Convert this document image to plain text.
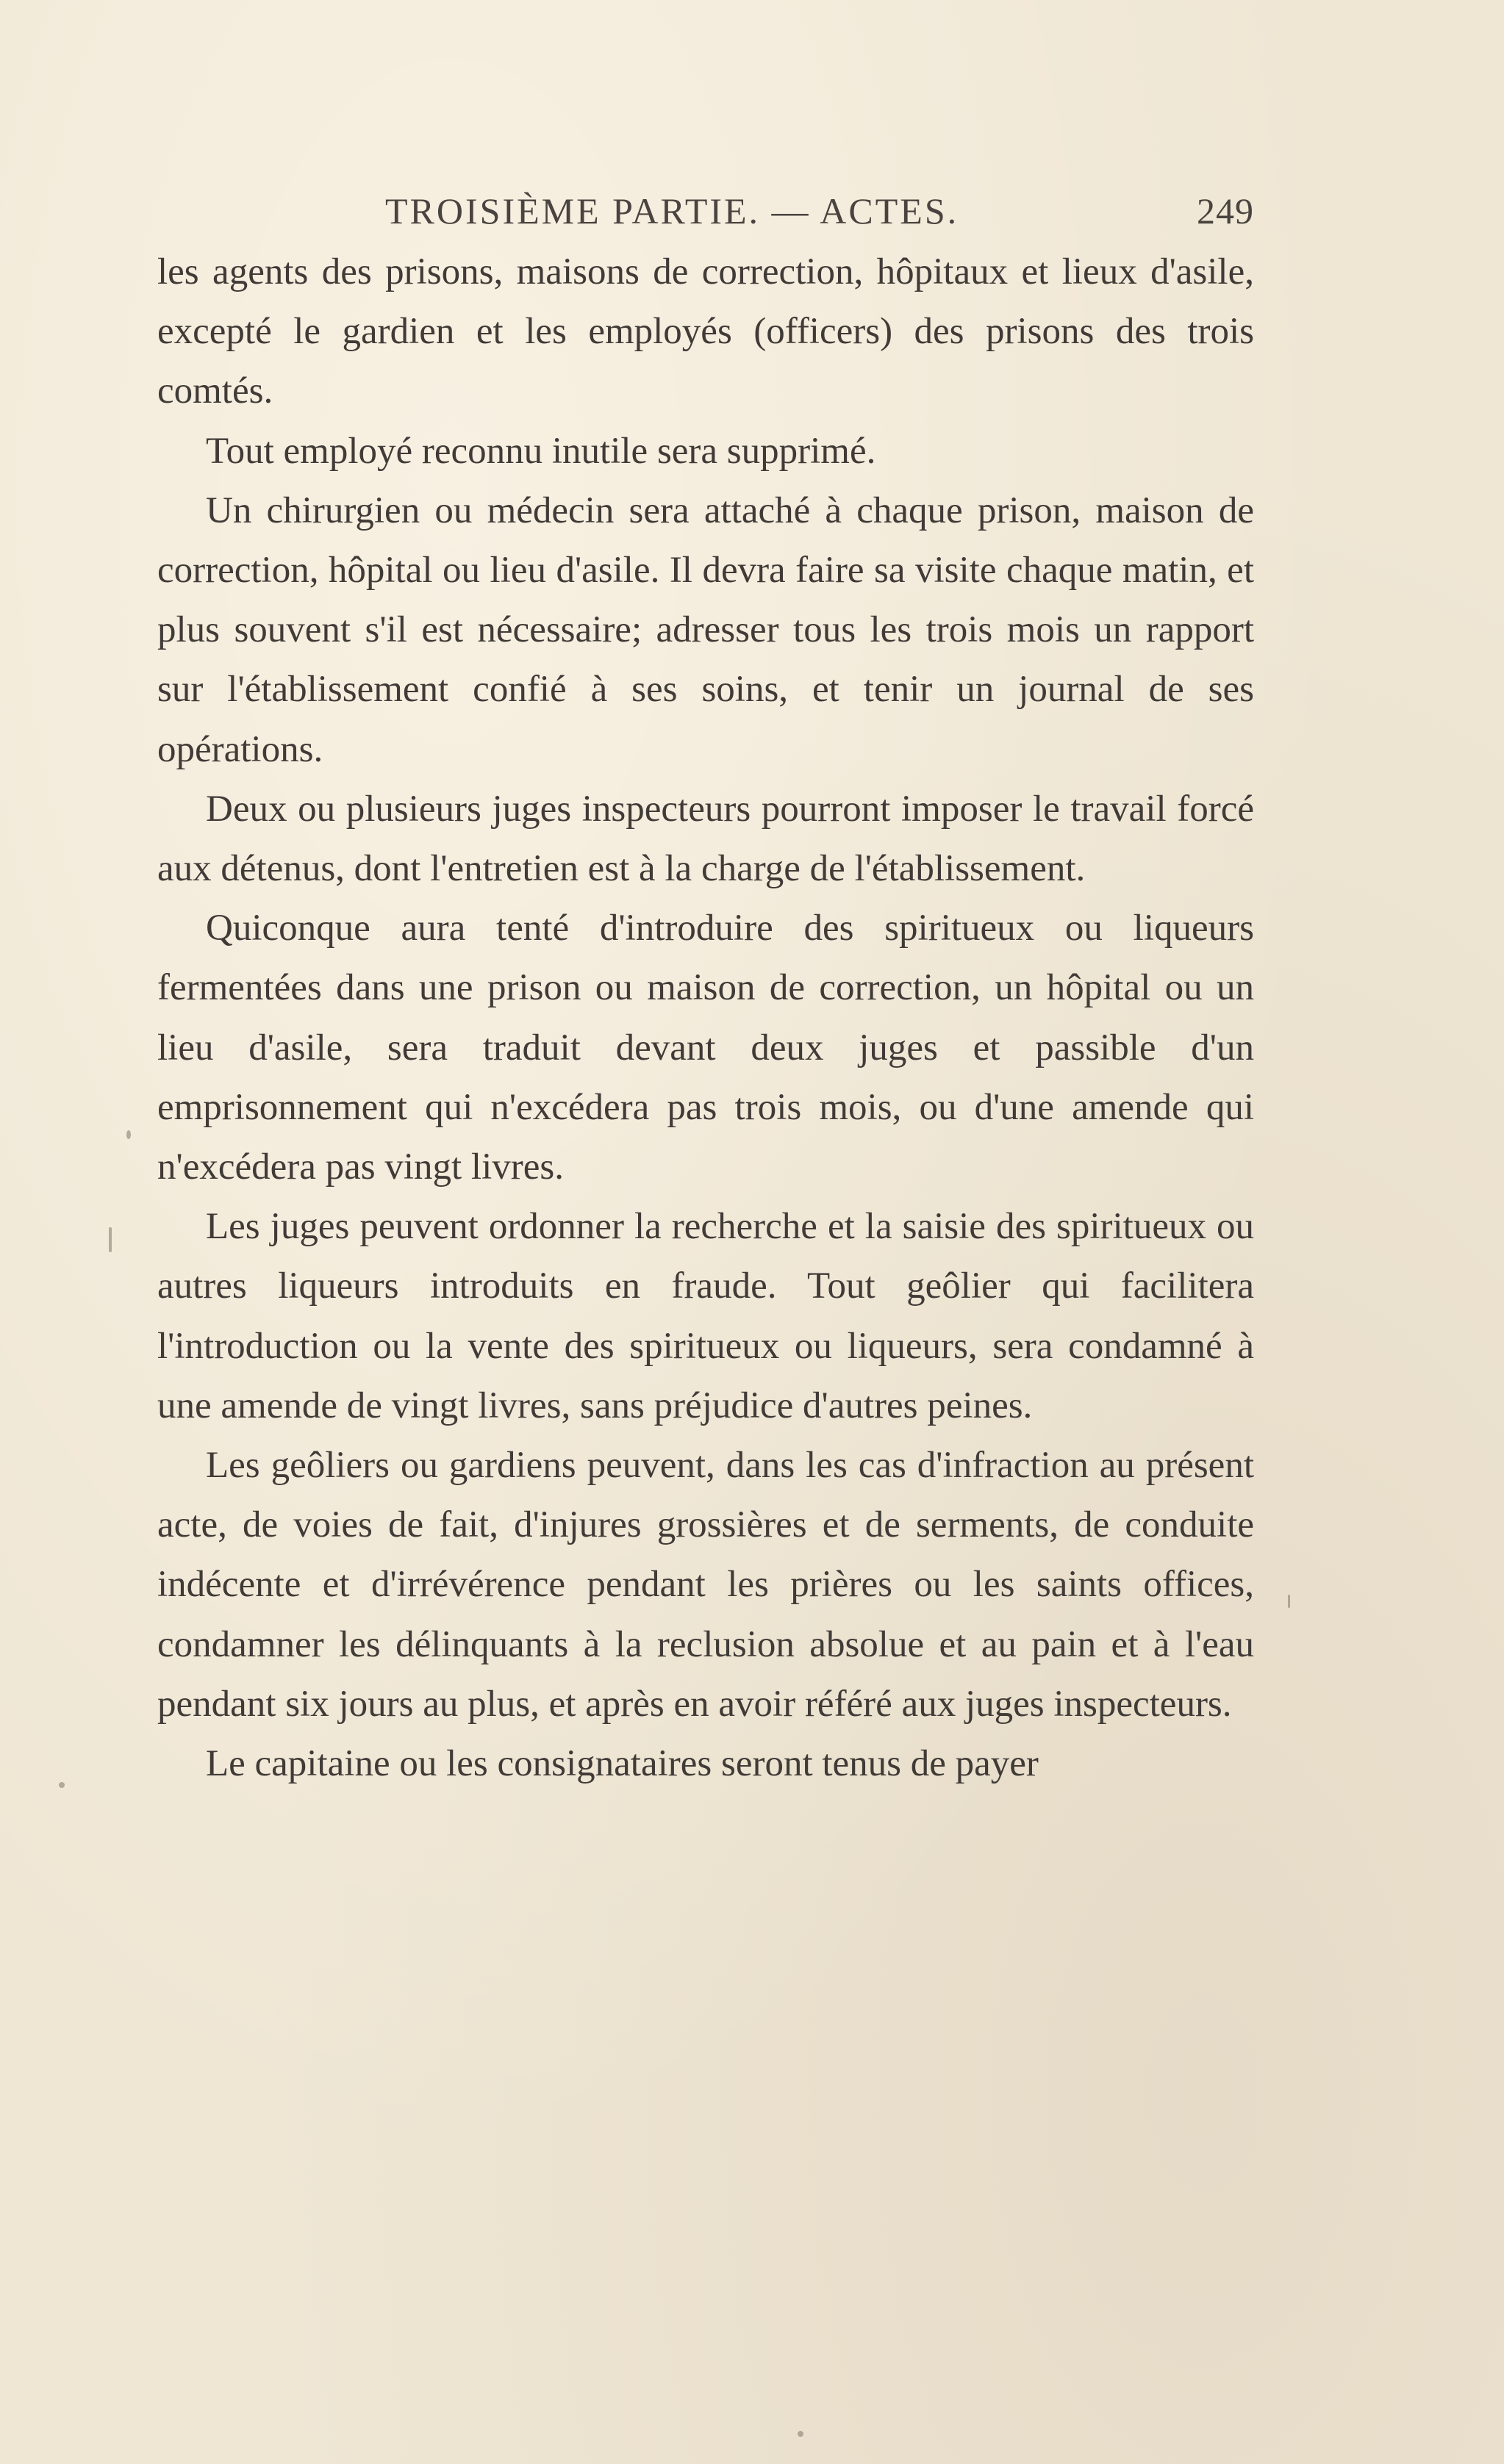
TROISIÈME PARTIE. — ACTES.	249

les agents des prisons, maisons de correction, hôpitaux et lieux d'asile, excepté le gardien et les employés (officers) des prisons des trois comtés.

Tout employé reconnu inutile sera supprimé.

Un chirurgien ou médecin sera attaché à chaque prison, maison de correction, hôpital ou lieu d'asile. Il devra faire sa visite chaque matin, et plus souvent s'il est nécessaire; adresser tous les trois mois un rapport sur l'établissement confié à ses soins, et tenir un journal de ses opérations.

Deux ou plusieurs juges inspecteurs pourront imposer le travail forcé aux détenus, dont l'entretien est à la charge de l'établissement.

Quiconque aura tenté d'introduire des spiritueux ou liqueurs fermentées dans une prison ou maison de correction, un hôpital ou un lieu d'asile, sera traduit devant deux juges et passible d'un emprisonnement qui n'excédera pas trois mois, ou d'une amende qui n'excédera pas vingt livres.

Les juges peuvent ordonner la recherche et la saisie des spiritueux ou autres liqueurs introduits en fraude. Tout geôlier qui facilitera l'introduction ou la vente des spiritueux ou liqueurs, sera condamné à une amende de vingt livres, sans préjudice d'autres peines.

Les geôliers ou gardiens peuvent, dans les cas d'infraction au présent acte, de voies de fait, d'injures grossières et de serments, de conduite indécente et d'irrévérence pendant les prières ou les saints offices, condamner les délinquants à la reclusion absolue et au pain et à l'eau pendant six jours au plus, et après en avoir référé aux juges inspecteurs.

Le capitaine ou les consignataires seront tenus de payer
